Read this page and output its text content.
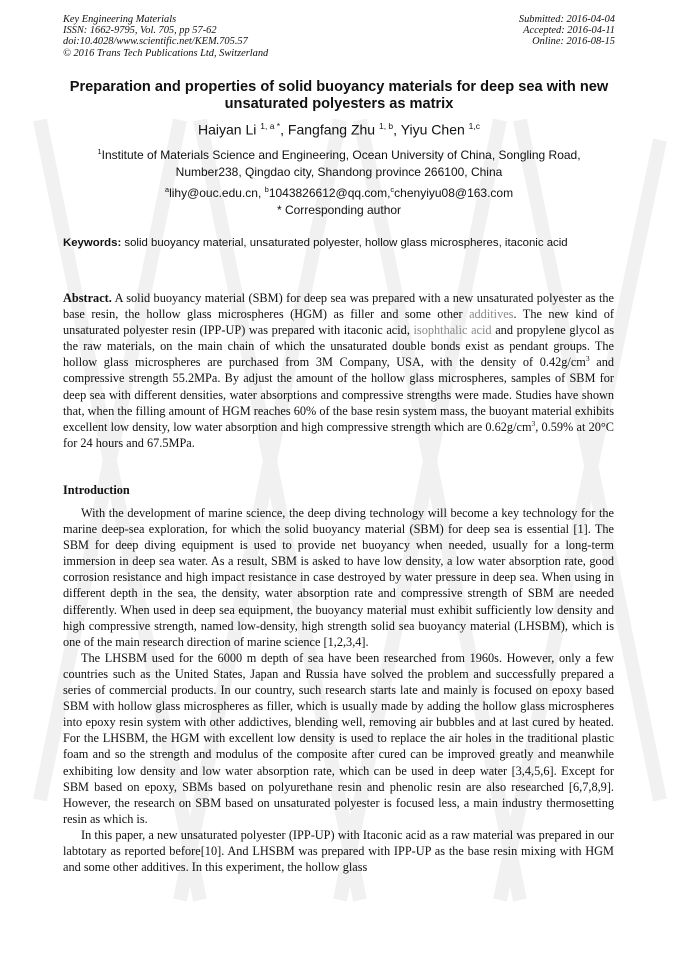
Key Engineering Materials
ISSN: 1662-9795, Vol. 705, pp 57-62
doi:10.4028/www.scientific.net/KEM.705.57
© 2016 Trans Tech Publications Ltd, Switzerland
Submitted: 2016-04-04
Accepted: 2016-04-11
Online: 2016-08-15
Preparation and properties of solid buoyancy materials for deep sea with new unsaturated polyesters as matrix
Haiyan Li $^{1, a *}$, Fangfang Zhu $^{1, b}$, Yiyu Chen $^{1,c}$
$^1$Institute of Materials Science and Engineering, Ocean University of China, Songling Road,
Number238, Qingdao city, Shandong province 266100, China
$^a$lihy@ouc.edu.cn, $^b$1043826612@qq.com,$^c$chenyiyu08@163.com
* Corresponding author
Keywords: solid buoyancy material, unsaturated polyester, hollow glass microspheres, itaconic acid
Abstract. A solid buoyancy material (SBM) for deep sea was prepared with a new unsaturated polyester as the base resin, the hollow glass microspheres (HGM) as filler and some other additives. The new kind of unsaturated polyester resin (IPP-UP) was prepared with itaconic acid, isophthalic acid and propylene glycol as the raw materials, on the main chain of which the unsaturated double bonds exist as pendant groups. The hollow glass microspheres are purchased from 3M Company, USA, with the density of $0.42g/cm^3$ and compressive strength 55.2MPa. By adjust the amount of the hollow glass microspheres, samples of SBM for deep sea with different densities, water absorptions and compressive strengths were made. Studies have shown that, when the filling amount of HGM reaches 60% of the base resin system mass, the buoyant material exhibits excellent low density, low water absorption and high compressive strength which are $0.62g/cm^3$, 0.59% at 20°C for 24 hours and 67.5MPa.
Introduction

With the development of marine science, the deep diving technology will become a key technology for the marine deep-sea exploration, for which the solid buoyancy material (SBM) for deep sea is essential [1]. The SBM for deep diving equipment is used to provide net buoyancy when needed, usually for a long-term immersion in deep sea water. As a result, SBM is asked to have low density, a low water absorption rate, good corrosion resistance and high impact resistance in case destroyed by water pressure in deep sea. When using in different depth in the sea, the density, water absorption rate and compressive strength of SBM are needed differently. When used in deep sea equipment, the buoyancy material must exhibit sufficiently low density and high compressive strength, named low-density, high strength solid sea buoyancy material (LHSBM), which is one of the main research direction of marine science [1,2,3,4].

The LHSBM used for the 6000 m depth of sea have been researched from 1960s. However, only a few countries such as the United States, Japan and Russia have solved the problem and successfully prepared a series of commercial products. In our country, such research starts late and mainly is focused on epoxy based SBM with hollow glass microspheres as filler, which is usually made by adding the hollow glass microspheres into epoxy resin system with other addictives, blending well, removing air bubbles and at last cured by heated. For the LHSBM, the HGM with excellent low density is used to replace the air holes in the traditional plastic foam and so the strength and modulus of the composite after cured can be improved greatly and meanwhile exhibiting low density and low water absorption rate, which can be used in deep water [3,4,5,6]. Except for SBM based on epoxy, SBMs based on polyurethane resin and phenolic resin are also researched [6,7,8,9]. However, the research on SBM based on unsaturated polyester is focused less, a main industry thermosetting resin as which is.

In this paper, a new unsaturated polyester (IPP-UP) with Itaconic acid as a raw material was prepared in our labtotary as reported before[10]. And LHSBM was prepared with IPP-UP as the base resin mixing with HGM and some other additives. In this experiment, the hollow glass
